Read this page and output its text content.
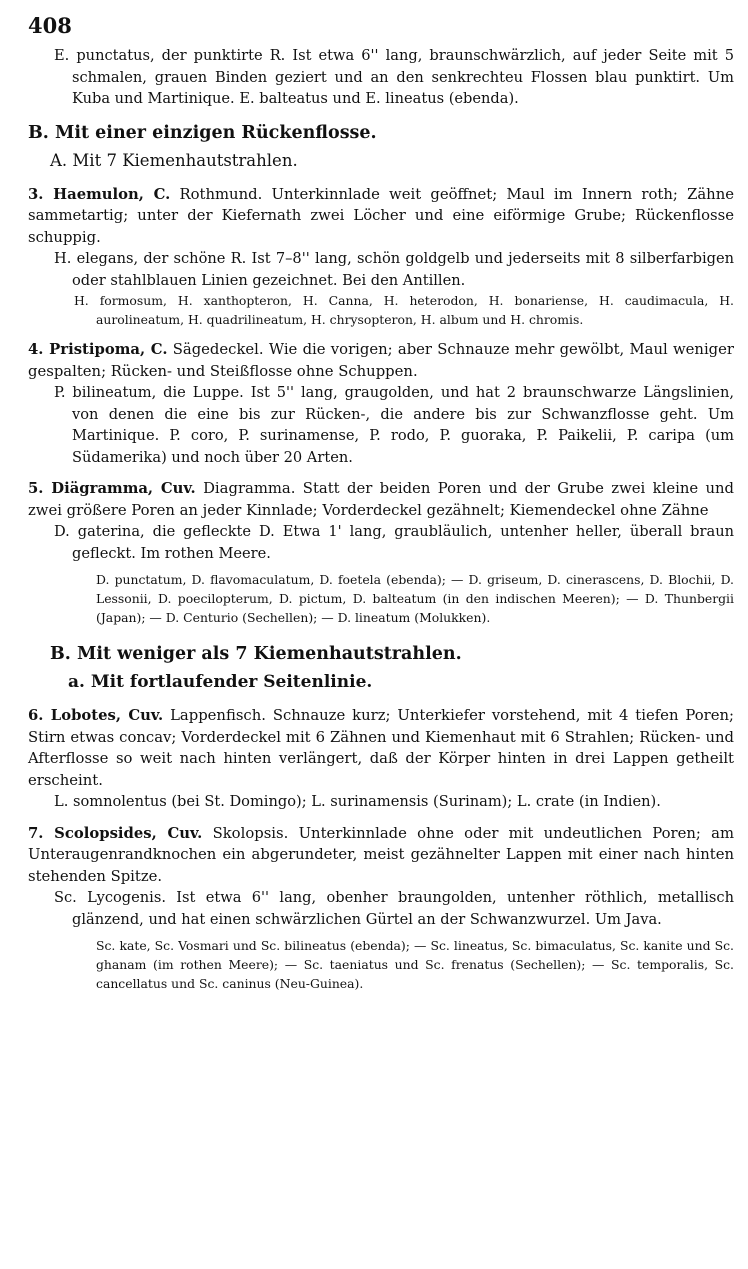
408

E. punctatus, der punktirte R. Ist etwa 6'' lang, braunschwärzlich, auf jeder Seite mit 5 schmalen, grauen Binden geziert und an den senkrechteu Flossen blau punktirt. Um Kuba und Martinique. E. balteatus und E. lineatus (ebenda).

B. Mit einer einzigen Rückenflosse.

A. Mit 7 Kiemenhautstrahlen.

3. Haemulon, C. Rothmund. Unterkinnlade weit geöffnet; Maul im Innern roth; Zähne sammetartig; unter der Kiefernath zwei Löcher und eine eiförmige Grube; Rückenflosse schuppig.

H. elegans, der schöne R. Ist 7–8'' lang, schön goldgelb und jederseits mit 8 silberfarbigen oder stahlblauen Linien gezeichnet. Bei den Antillen.

H. formosum, H. xanthopteron, H. Canna, H. heterodon, H. bonariense, H. caudimacula, H. aurolineatum, H. quadrilineatum, H. chrysopteron, H. album und H. chromis.

4. Pristipoma, C. Sägedeckel. Wie die vorigen; aber Schnauze mehr gewölbt, Maul weniger gespalten; Rücken- und Steißflosse ohne Schuppen.

P. bilineatum, die Luppe. Ist 5'' lang, graugolden, und hat 2 braunschwarze Längslinien, von denen die eine bis zur Rücken-, die andere bis zur Schwanzflosse geht. Um Martinique. P. coro, P. surinamense, P. rodo, P. guoraka, P. Paikelii, P. caripa (um Südamerika) und noch über 20 Arten.

5. Diägramma, Cuv. Diagramma. Statt der beiden Poren und der Grube zwei kleine und zwei größere Poren an jeder Kinnlade; Vorderdeckel gezähnelt; Kiemendeckel ohne Zähne

D. gaterina, die gefleckte D. Etwa 1' lang, graubläulich, untenher heller, überall braun gefleckt. Im rothen Meere.

D. punctatum, D. flavomaculatum, D. foetela (ebenda); — D. griseum, D. cinerascens, D. Blochii, D. Lessonii, D. poecilopterum, D. pictum, D. balteatum (in den indischen Meeren); — D. Thunbergii (Japan); — D. Centurio (Sechellen); — D. lineatum (Molukken).

B. Mit weniger als 7 Kiemenhautstrahlen.

a. Mit fortlaufender Seitenlinie.

6. Lobotes, Cuv. Lappenfisch. Schnauze kurz; Unterkiefer vorstehend, mit 4 tiefen Poren; Stirn etwas concav; Vorderdeckel mit 6 Zähnen und Kiemenhaut mit 6 Strahlen; Rücken- und Afterflosse so weit nach hinten verlängert, daß der Körper hinten in drei Lappen getheilt erscheint.

L. somnolentus (bei St. Domingo); L. surinamensis (Surinam); L. crate (in Indien).

7. Scolopsides, Cuv. Skolopsis. Unterkinnlade ohne oder mit undeutlichen Poren; am Unteraugenrandknochen ein abgerundeter, meist gezähnelter Lappen mit einer nach hinten stehenden Spitze.

Sc. Lycogenis. Ist etwa 6'' lang, obenher braungolden, untenher röthlich, metallisch glänzend, und hat einen schwärzlichen Gürtel an der Schwanzwurzel. Um Java.

Sc. kate, Sc. Vosmari und Sc. bilineatus (ebenda); — Sc. lineatus, Sc. bimaculatus, Sc. kanite und Sc. ghanam (im rothen Meere); — Sc. taeniatus und Sc. frenatus (Sechellen); — Sc. temporalis, Sc. cancellatus und Sc. caninus (Neu-Guinea).
